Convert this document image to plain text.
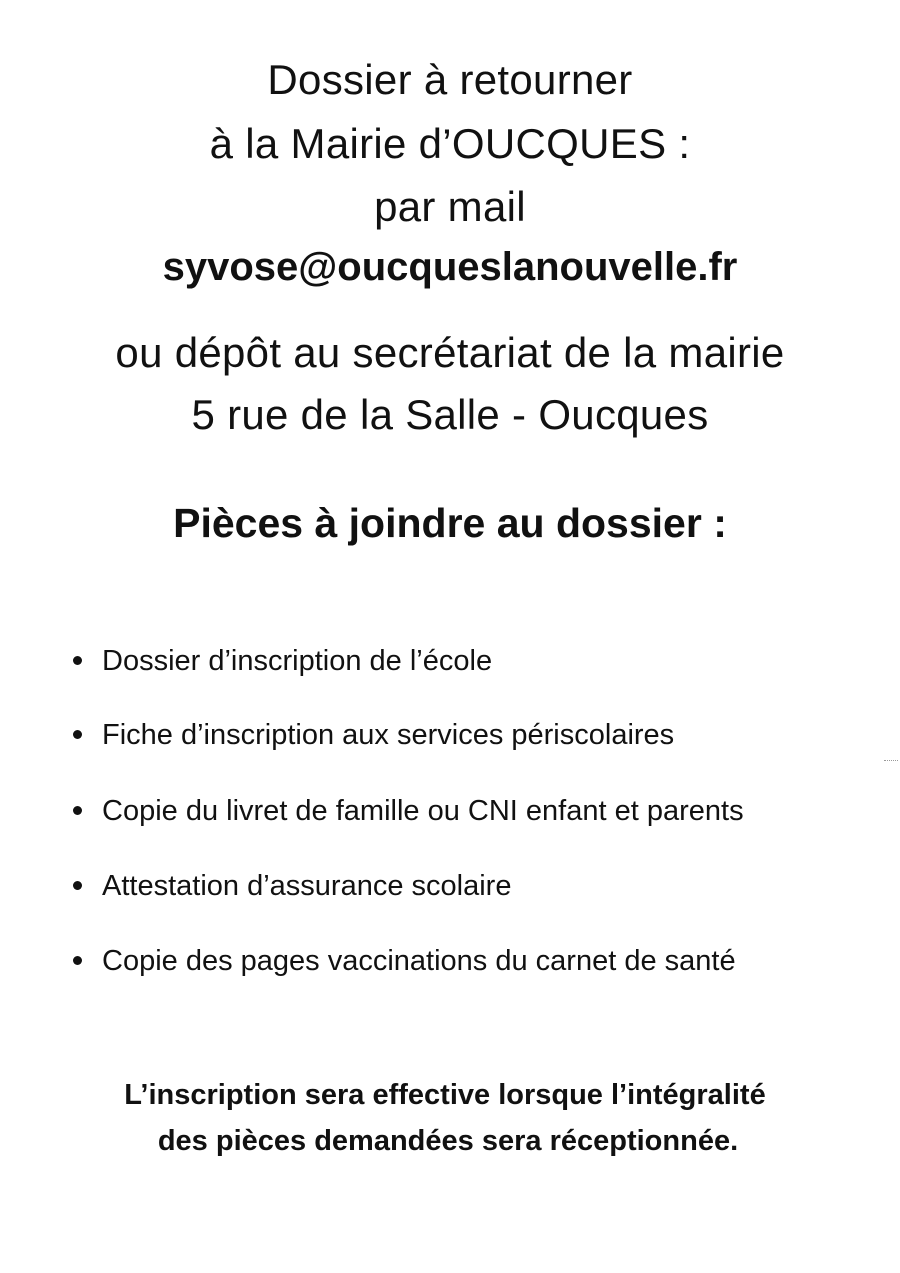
Dossier à retourner
à la Mairie d’OUCQUES :
par mail
syvose@oucqueslanouvelle.fr
ou dépôt au secrétariat de la mairie
5 rue de la Salle - Oucques
Pièces à joindre au dossier :
Dossier d’inscription de l’école
Fiche d’inscription aux services périscolaires
Copie du livret de famille ou CNI enfant et parents
Attestation d’assurance scolaire
Copie des pages vaccinations du carnet de santé
L’inscription sera effective lorsque l’intégralité
des pièces demandées sera réceptionnée.
